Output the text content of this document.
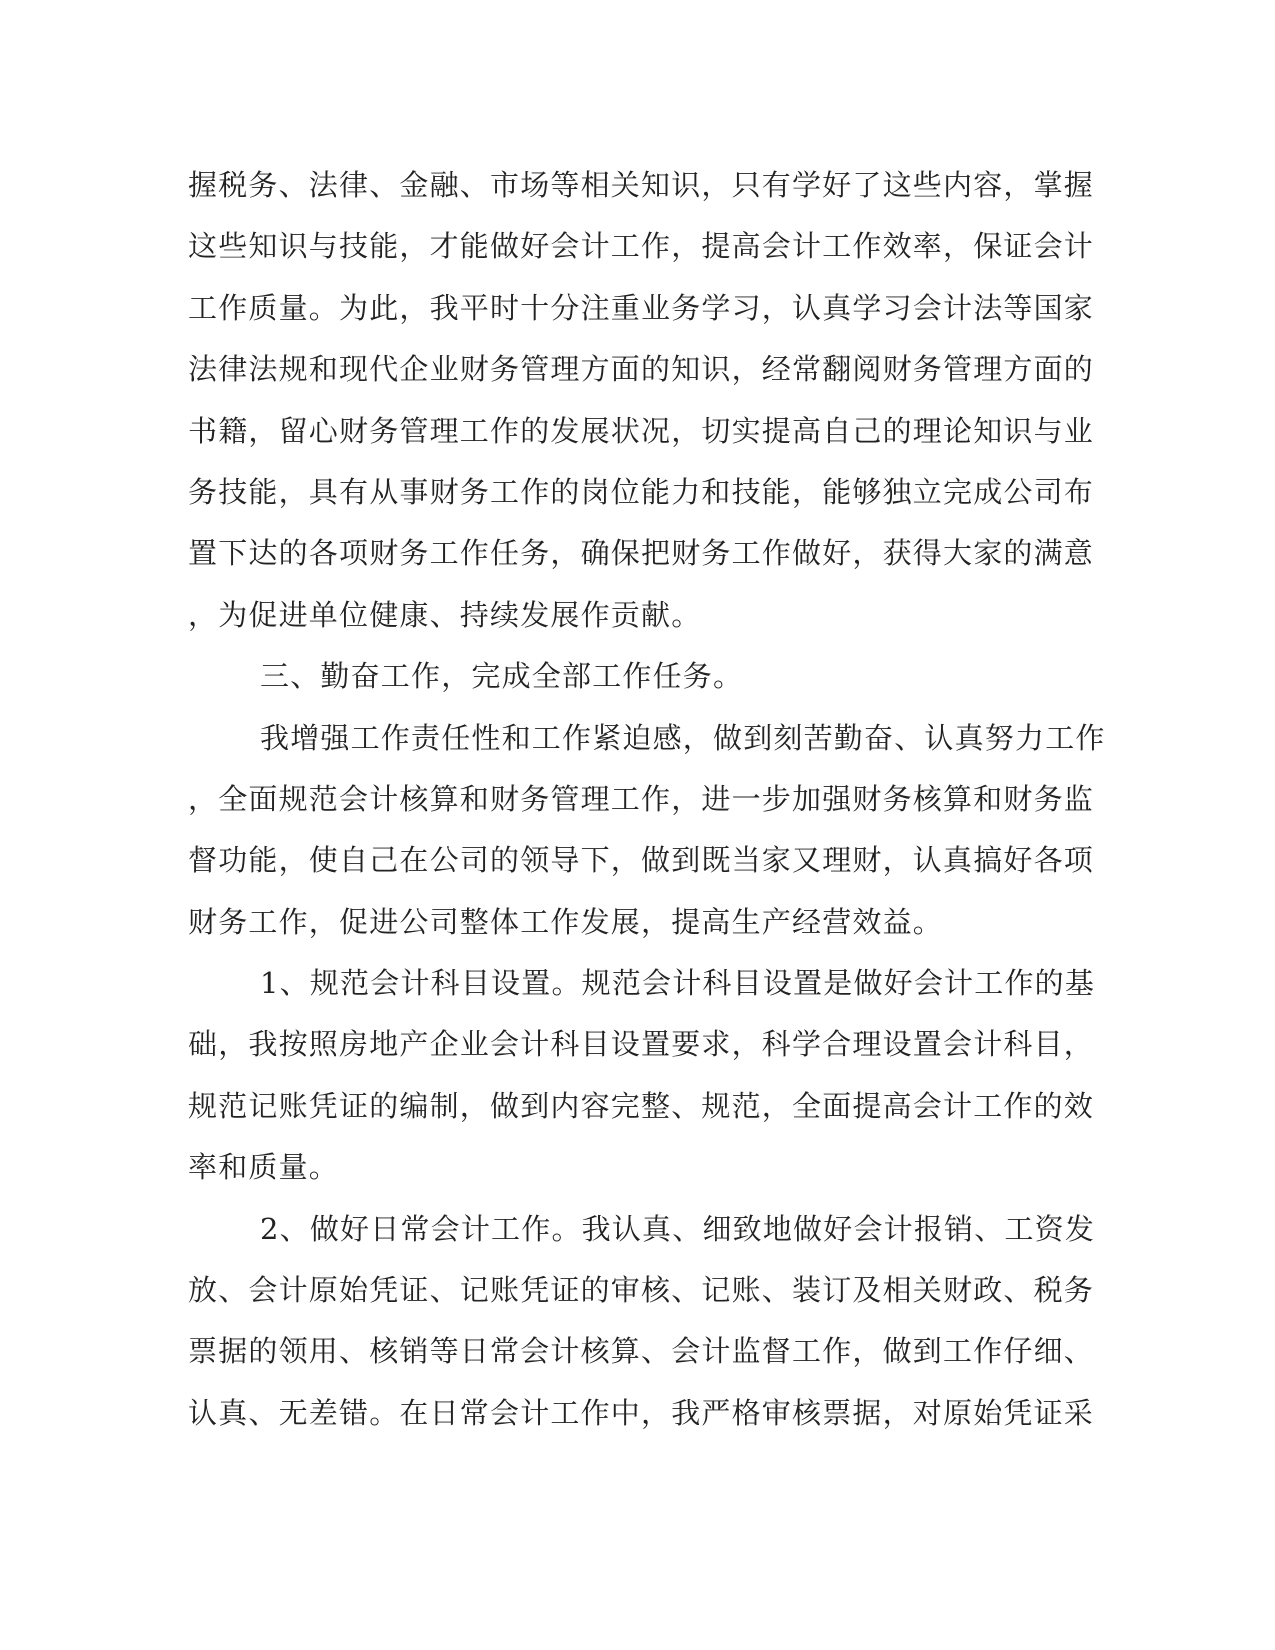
握税务、法律、金融、市场等相关知识，只有学好了这些内容，掌握
这些知识与技能，才能做好会计工作，提高会计工作效率，保证会计
工作质量。为此，我平时十分注重业务学习，认真学习会计法等国家
法律法规和现代企业财务管理方面的知识，经常翻阅财务管理方面的
书籍，留心财务管理工作的发展状况，切实提高自己的理论知识与业
务技能，具有从事财务工作的岗位能力和技能，能够独立完成公司布
置下达的各项财务工作任务，确保把财务工作做好，获得大家的满意
，为促进单位健康、持续发展作贡献。
三、勤奋工作，完成全部工作任务。
我增强工作责任性和工作紧迫感，做到刻苦勤奋、认真努力工作
，全面规范会计核算和财务管理工作，进一步加强财务核算和财务监
督功能，使自己在公司的领导下，做到既当家又理财，认真搞好各项
财务工作，促进公司整体工作发展，提高生产经营效益。
1、规范会计科目设置。规范会计科目设置是做好会计工作的基
础，我按照房地产企业会计科目设置要求，科学合理设置会计科目，
规范记账凭证的编制，做到内容完整、规范，全面提高会计工作的效
率和质量。
2、做好日常会计工作。我认真、细致地做好会计报销、工资发
放、会计原始凭证、记账凭证的审核、记账、装订及相关财政、税务
票据的领用、核销等日常会计核算、会计监督工作，做到工作仔细、
认真、无差错。在日常会计工作中，我严格审核票据，对原始凭证采
